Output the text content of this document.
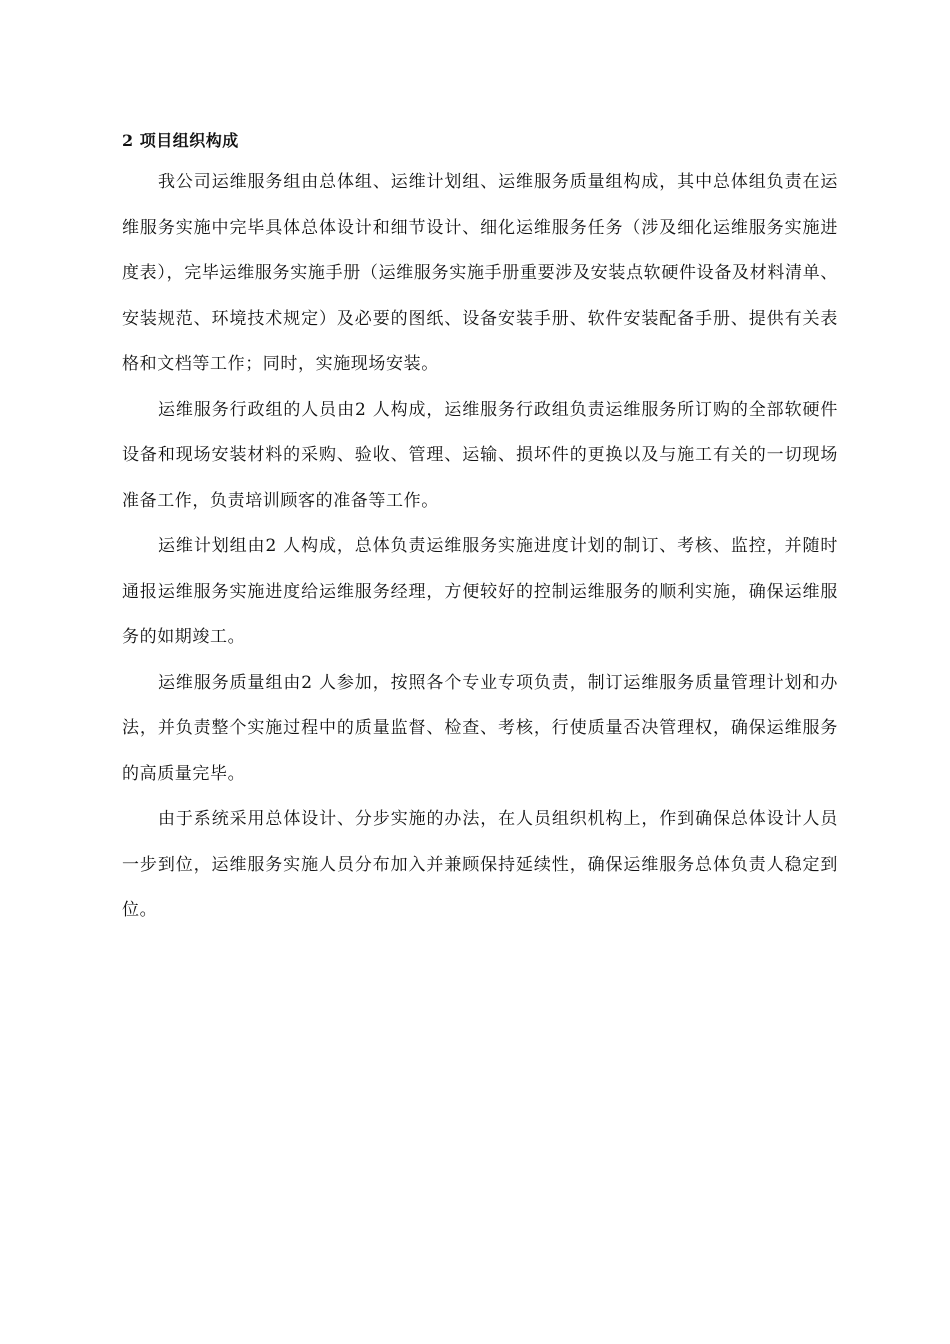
2 项目组织构成

我公司运维服务组由总体组、运维计划组、运维服务质量组构成，其中总体组负责在运维服务实施中完毕具体总体设计和细节设计、细化运维服务任务（涉及细化运维服务实施进度表），完毕运维服务实施手册（运维服务实施手册重要涉及安装点软硬件设备及材料清单、安装规范、环境技术规定）及必要的图纸、设备安装手册、软件安装配备手册、提供有关表格和文档等工作；同时，实施现场安装。

运维服务行政组的人员由2 人构成，运维服务行政组负责运维服务所订购的全部软硬件设备和现场安装材料的采购、验收、管理、运输、损坏件的更换以及与施工有关的一切现场准备工作，负责培训顾客的准备等工作。

运维计划组由2 人构成，总体负责运维服务实施进度计划的制订、考核、监控，并随时通报运维服务实施进度给运维服务经理，方便较好的控制运维服务的顺利实施，确保运维服务的如期竣工。

运维服务质量组由2 人参加，按照各个专业专项负责，制订运维服务质量管理计划和办法，并负责整个实施过程中的质量监督、检查、考核，行使质量否决管理权，确保运维服务的高质量完毕。

由于系统采用总体设计、分步实施的办法，在人员组织机构上，作到确保总体设计人员一步到位，运维服务实施人员分布加入并兼顾保持延续性，确保运维服务总体负责人稳定到位。
